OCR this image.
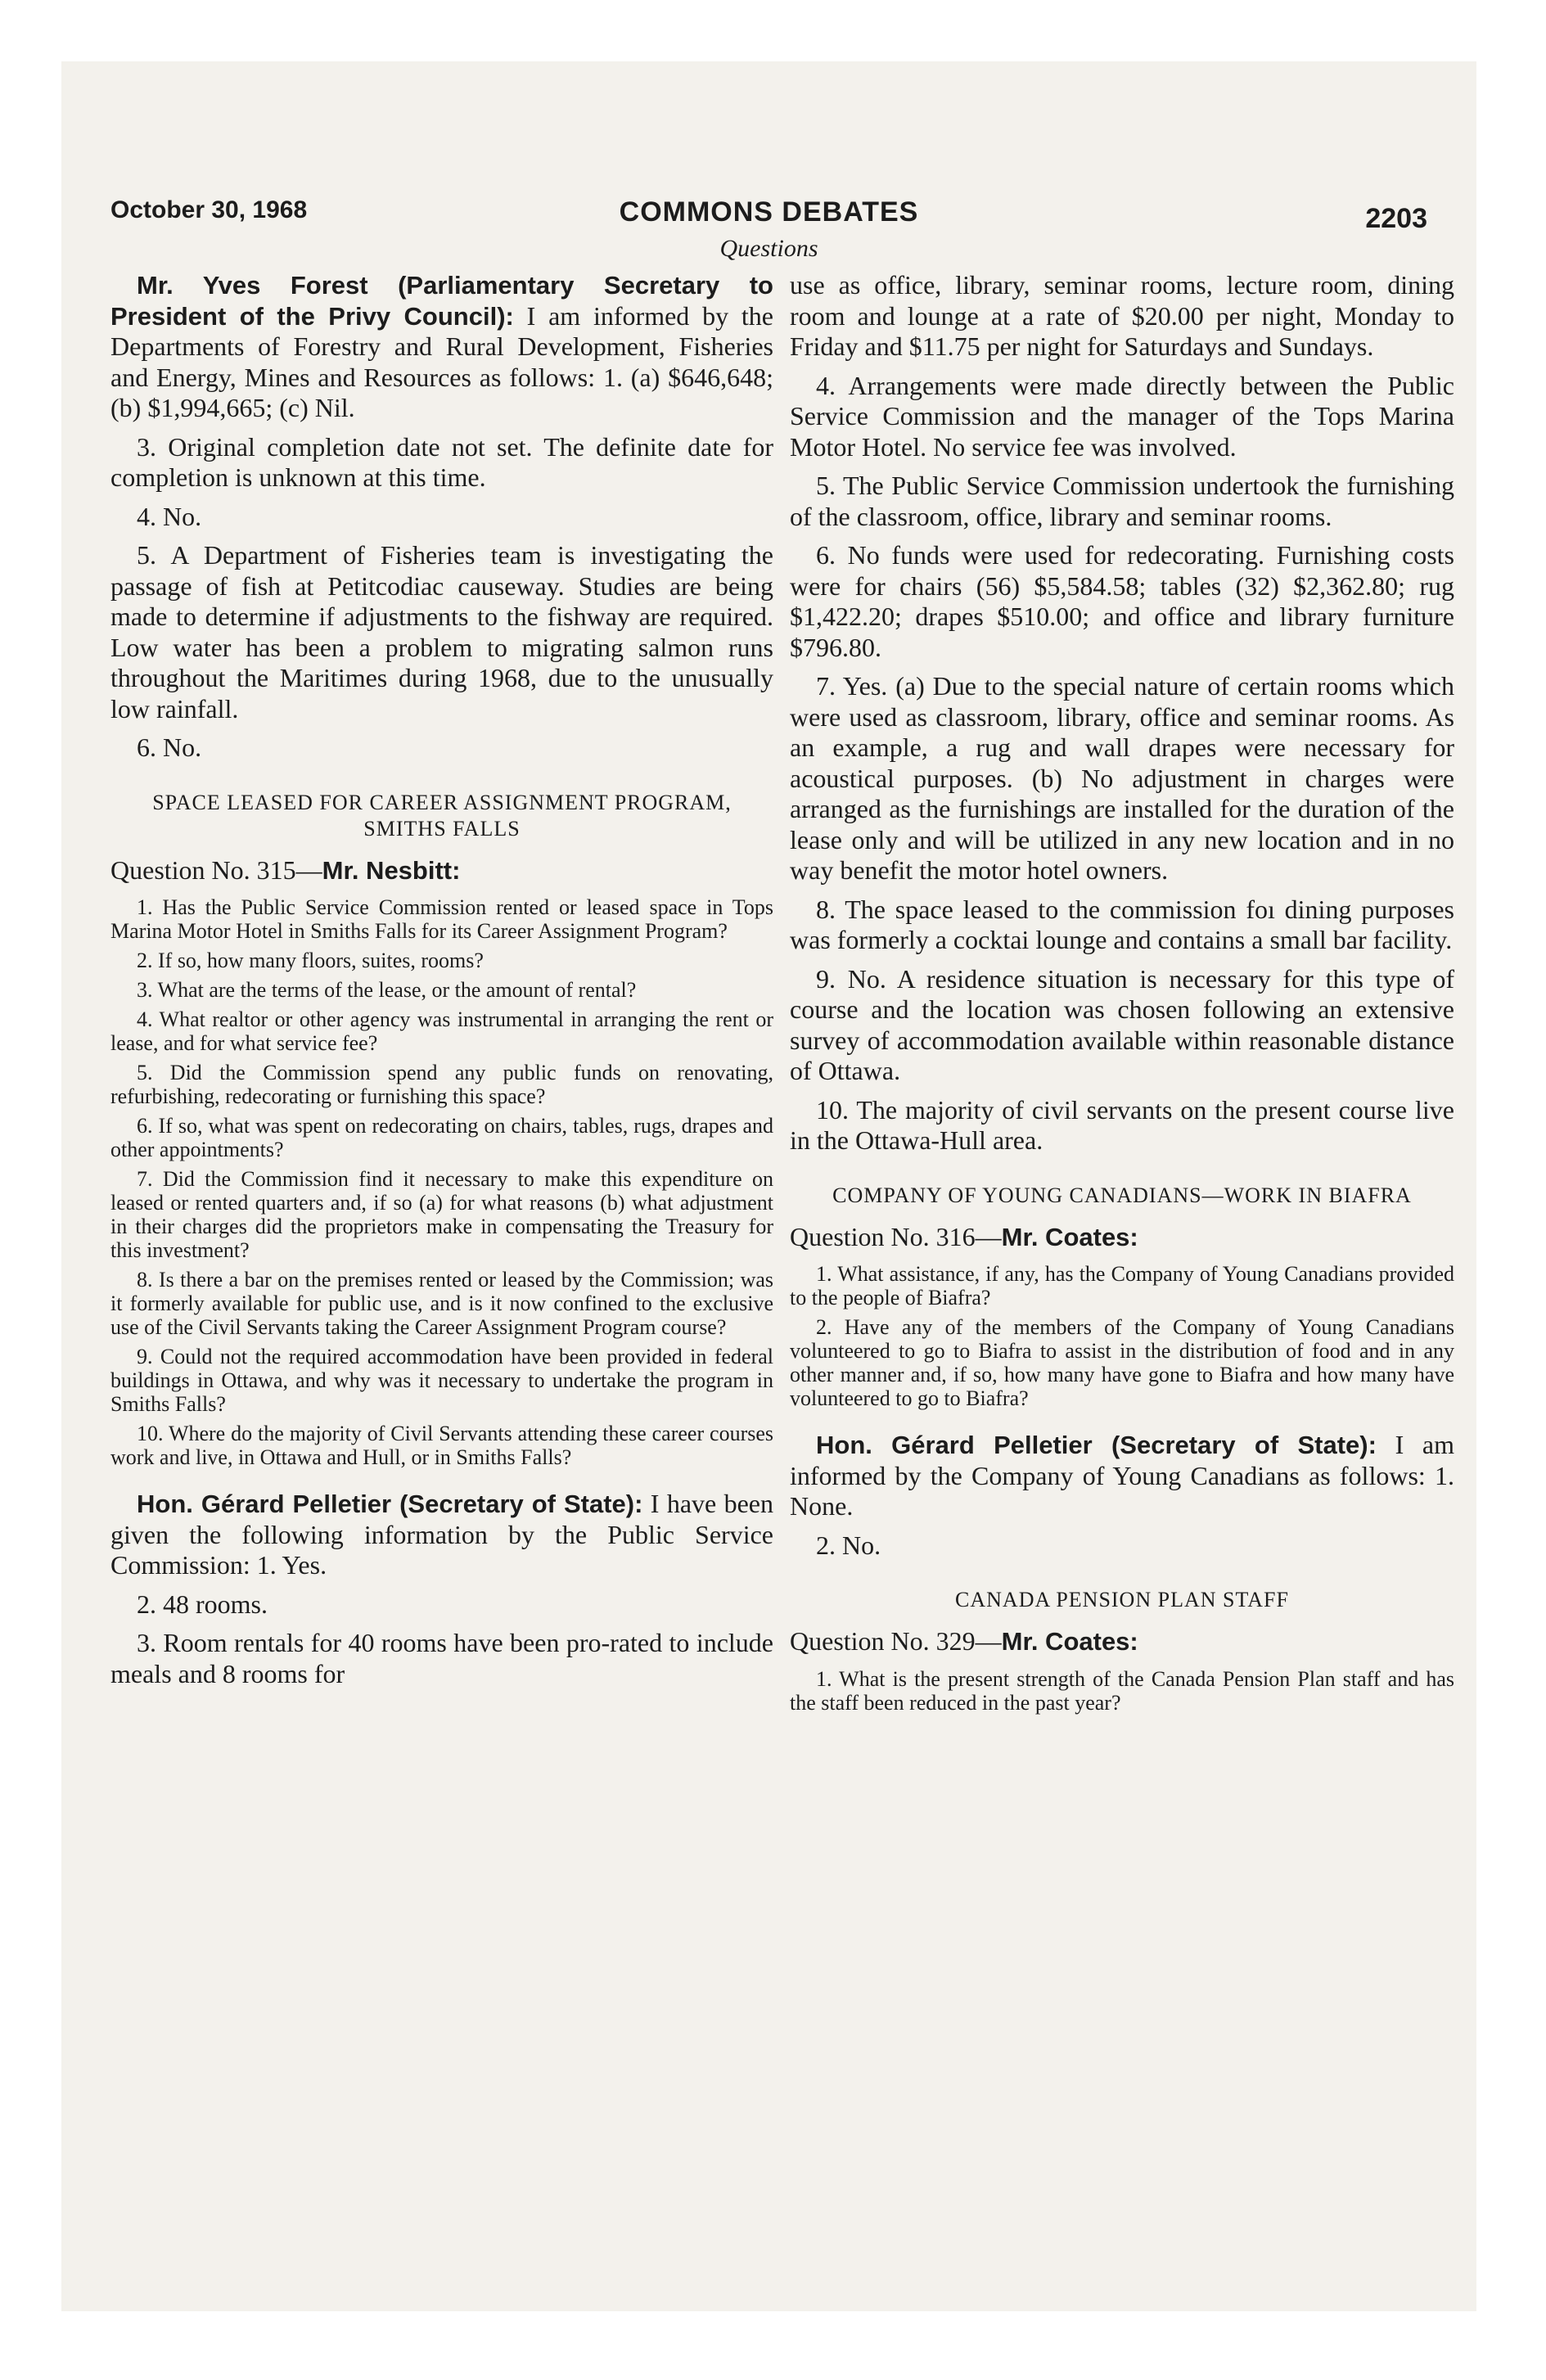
October 30, 1968	COMMONS DEBATES	2203
Questions

Mr. Yves Forest (Parliamentary Secretary to President of the Privy Council): I am informed by the Departments of Forestry and Rural Development, Fisheries and Energy, Mines and Resources as follows: 1. (a) $646,648; (b) $1,994,665; (c) Nil.

3. Original completion date not set. The definite date for completion is unknown at this time.

4. No.

5. A Department of Fisheries team is investigating the passage of fish at Petitcodiac causeway. Studies are being made to determine if adjustments to the fishway are required. Low water has been a problem to migrating salmon runs throughout the Maritimes during 1968, due to the unusually low rainfall.

6. No.

SPACE LEASED FOR CAREER ASSIGNMENT PROGRAM, SMITHS FALLS

Question No. 315—Mr. Nesbitt:

1. Has the Public Service Commission rented or leased space in Tops Marina Motor Hotel in Smiths Falls for its Career Assignment Program?

2. If so, how many floors, suites, rooms?

3. What are the terms of the lease, or the amount of rental?

4. What realtor or other agency was instrumental in arranging the rent or lease, and for what service fee?

5. Did the Commission spend any public funds on renovating, refurbishing, redecorating or furnishing this space?

6. If so, what was spent on redecorating on chairs, tables, rugs, drapes and other appointments?

7. Did the Commission find it necessary to make this expenditure on leased or rented quarters and, if so (a) for what reasons (b) what adjustment in their charges did the proprietors make in compensating the Treasury for this investment?

8. Is there a bar on the premises rented or leased by the Commission; was it formerly available for public use, and is it now confined to the exclusive use of the Civil Servants taking the Career Assignment Program course?

9. Could not the required accommodation have been provided in federal buildings in Ottawa, and why was it necessary to undertake the program in Smiths Falls?

10. Where do the majority of Civil Servants attending these career courses work and live, in Ottawa and Hull, or in Smiths Falls?

Hon. Gérard Pelletier (Secretary of State): I have been given the following information by the Public Service Commission: 1. Yes.

2. 48 rooms.

3. Room rentals for 40 rooms have been pro-rated to include meals and 8 rooms for

use as office, library, seminar rooms, lecture room, dining room and lounge at a rate of $20.00 per night, Monday to Friday and $11.75 per night for Saturdays and Sundays.

4. Arrangements were made directly between the Public Service Commission and the manager of the Tops Marina Motor Hotel. No service fee was involved.

5. The Public Service Commission undertook the furnishing of the classroom, office, library and seminar rooms.

6. No funds were used for redecorating. Furnishing costs were for chairs (56) $5,584.58; tables (32) $2,362.80; rug $1,422.20; drapes $510.00; and office and library furniture $796.80.

7. Yes. (a) Due to the special nature of certain rooms which were used as classroom, library, office and seminar rooms. As an example, a rug and wall drapes were necessary for acoustical purposes. (b) No adjustment in charges were arranged as the furnishings are installed for the duration of the lease only and will be utilized in any new location and in no way benefit the motor hotel owners.

8. The space leased to the commission foı dining purposes was formerly a cocktai lounge and contains a small bar facility.

9. No. A residence situation is necessary for this type of course and the location was chosen following an extensive survey of accommodation available within reasonable distance of Ottawa.

10. The majority of civil servants on the present course live in the Ottawa-Hull area.

COMPANY OF YOUNG CANADIANS—WORK IN BIAFRA

Question No. 316—Mr. Coates:

1. What assistance, if any, has the Company of Young Canadians provided to the people of Biafra?

2. Have any of the members of the Company of Young Canadians volunteered to go to Biafra to assist in the distribution of food and in any other manner and, if so, how many have gone to Biafra and how many have volunteered to go to Biafra?

Hon. Gérard Pelletier (Secretary of State): I am informed by the Company of Young Canadians as follows: 1. None.

2. No.

CANADA PENSION PLAN STAFF

Question No. 329—Mr. Coates:

1. What is the present strength of the Canada Pension Plan staff and has the staff been reduced in the past year?
